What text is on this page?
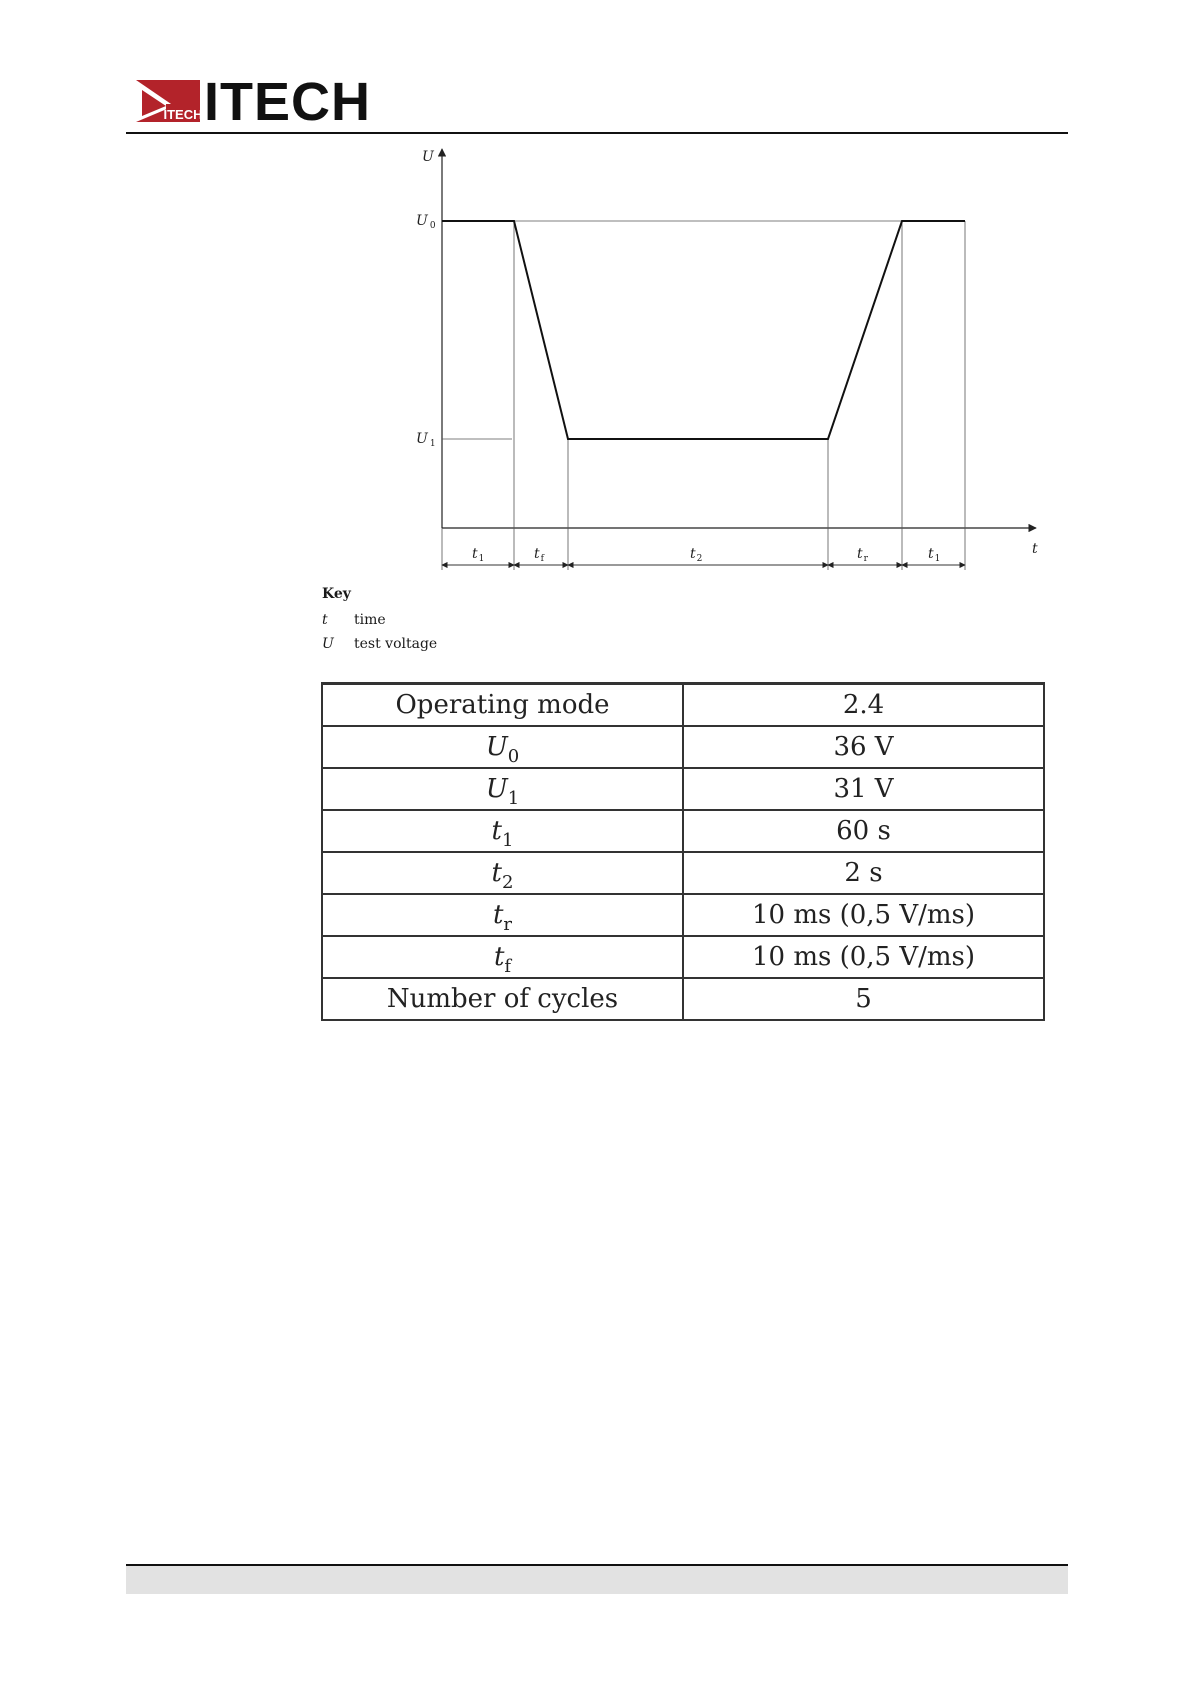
ITECH ITECH
U
t
U $_0$
U $_1$
$t_1$	$t_f$	$t_2$	$t_r$	$t_1$
Key
t	time
U	test voltage
Operating mode	2.4
$U_0$	36 V
$U_1$	31 V
$t_1$	60 s
$t_2$	2 s
$t_r$	10 ms (0,5 V/ms)
$t_f$	10 ms (0,5 V/ms)
Number of cycles	5
